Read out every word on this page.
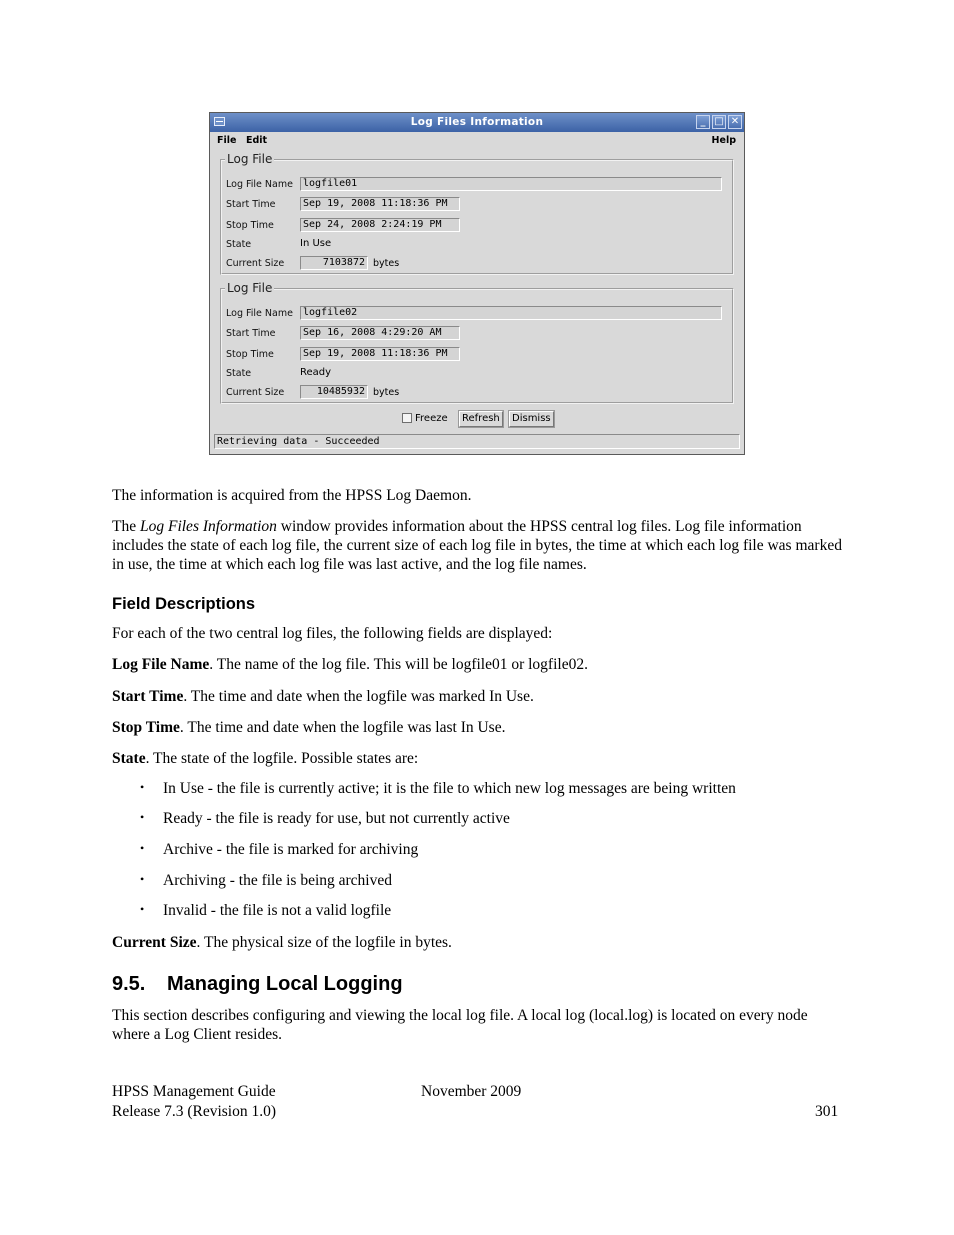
Log Files Information	_ □ ✕
File Edit	Help
Log File
Log File Name	logfile01
Start Time	Sep 19, 2008 11:18:36 PM
Stop Time	Sep 24, 2008 2:24:19 PM
State	In Use
Current Size	7103872 bytes
Log File
Log File Name	logfile02
Start Time	Sep 16, 2008 4:29:20 AM
Stop Time	Sep 19, 2008 11:18:36 PM
State	Ready
Current Size	10485932 bytes
Freeze	Refresh	Dismiss
Retrieving data - Succeeded
The information is acquired from the HPSS Log Daemon.
The Log Files Information window provides information about the HPSS central log files. Log file information includes the state of each log file, the current size of each log file in bytes, the time at which each log file was marked in use, the time at which each log file was last active, and the log file names.
Field Descriptions
For each of the two central log files, the following fields are displayed:
Log File Name. The name of the log file. This will be logfile01 or logfile02.
Start Time. The time and date when the logfile was marked In Use.
Stop Time. The time and date when the logfile was last In Use.
State. The state of the logfile. Possible states are:
• In Use - the file is currently active; it is the file to which new log messages are being written
• Ready - the file is ready for use, but not currently active
• Archive - the file is marked for archiving
• Archiving - the file is being archived
• Invalid - the file is not a valid logfile
Current Size. The physical size of the logfile in bytes.
9.5. Managing Local Logging
This section describes configuring and viewing the local log file. A local log (local.log) is located on every node where a Log Client resides.
HPSS Management Guide	November 2009
Release 7.3 (Revision 1.0)	301
